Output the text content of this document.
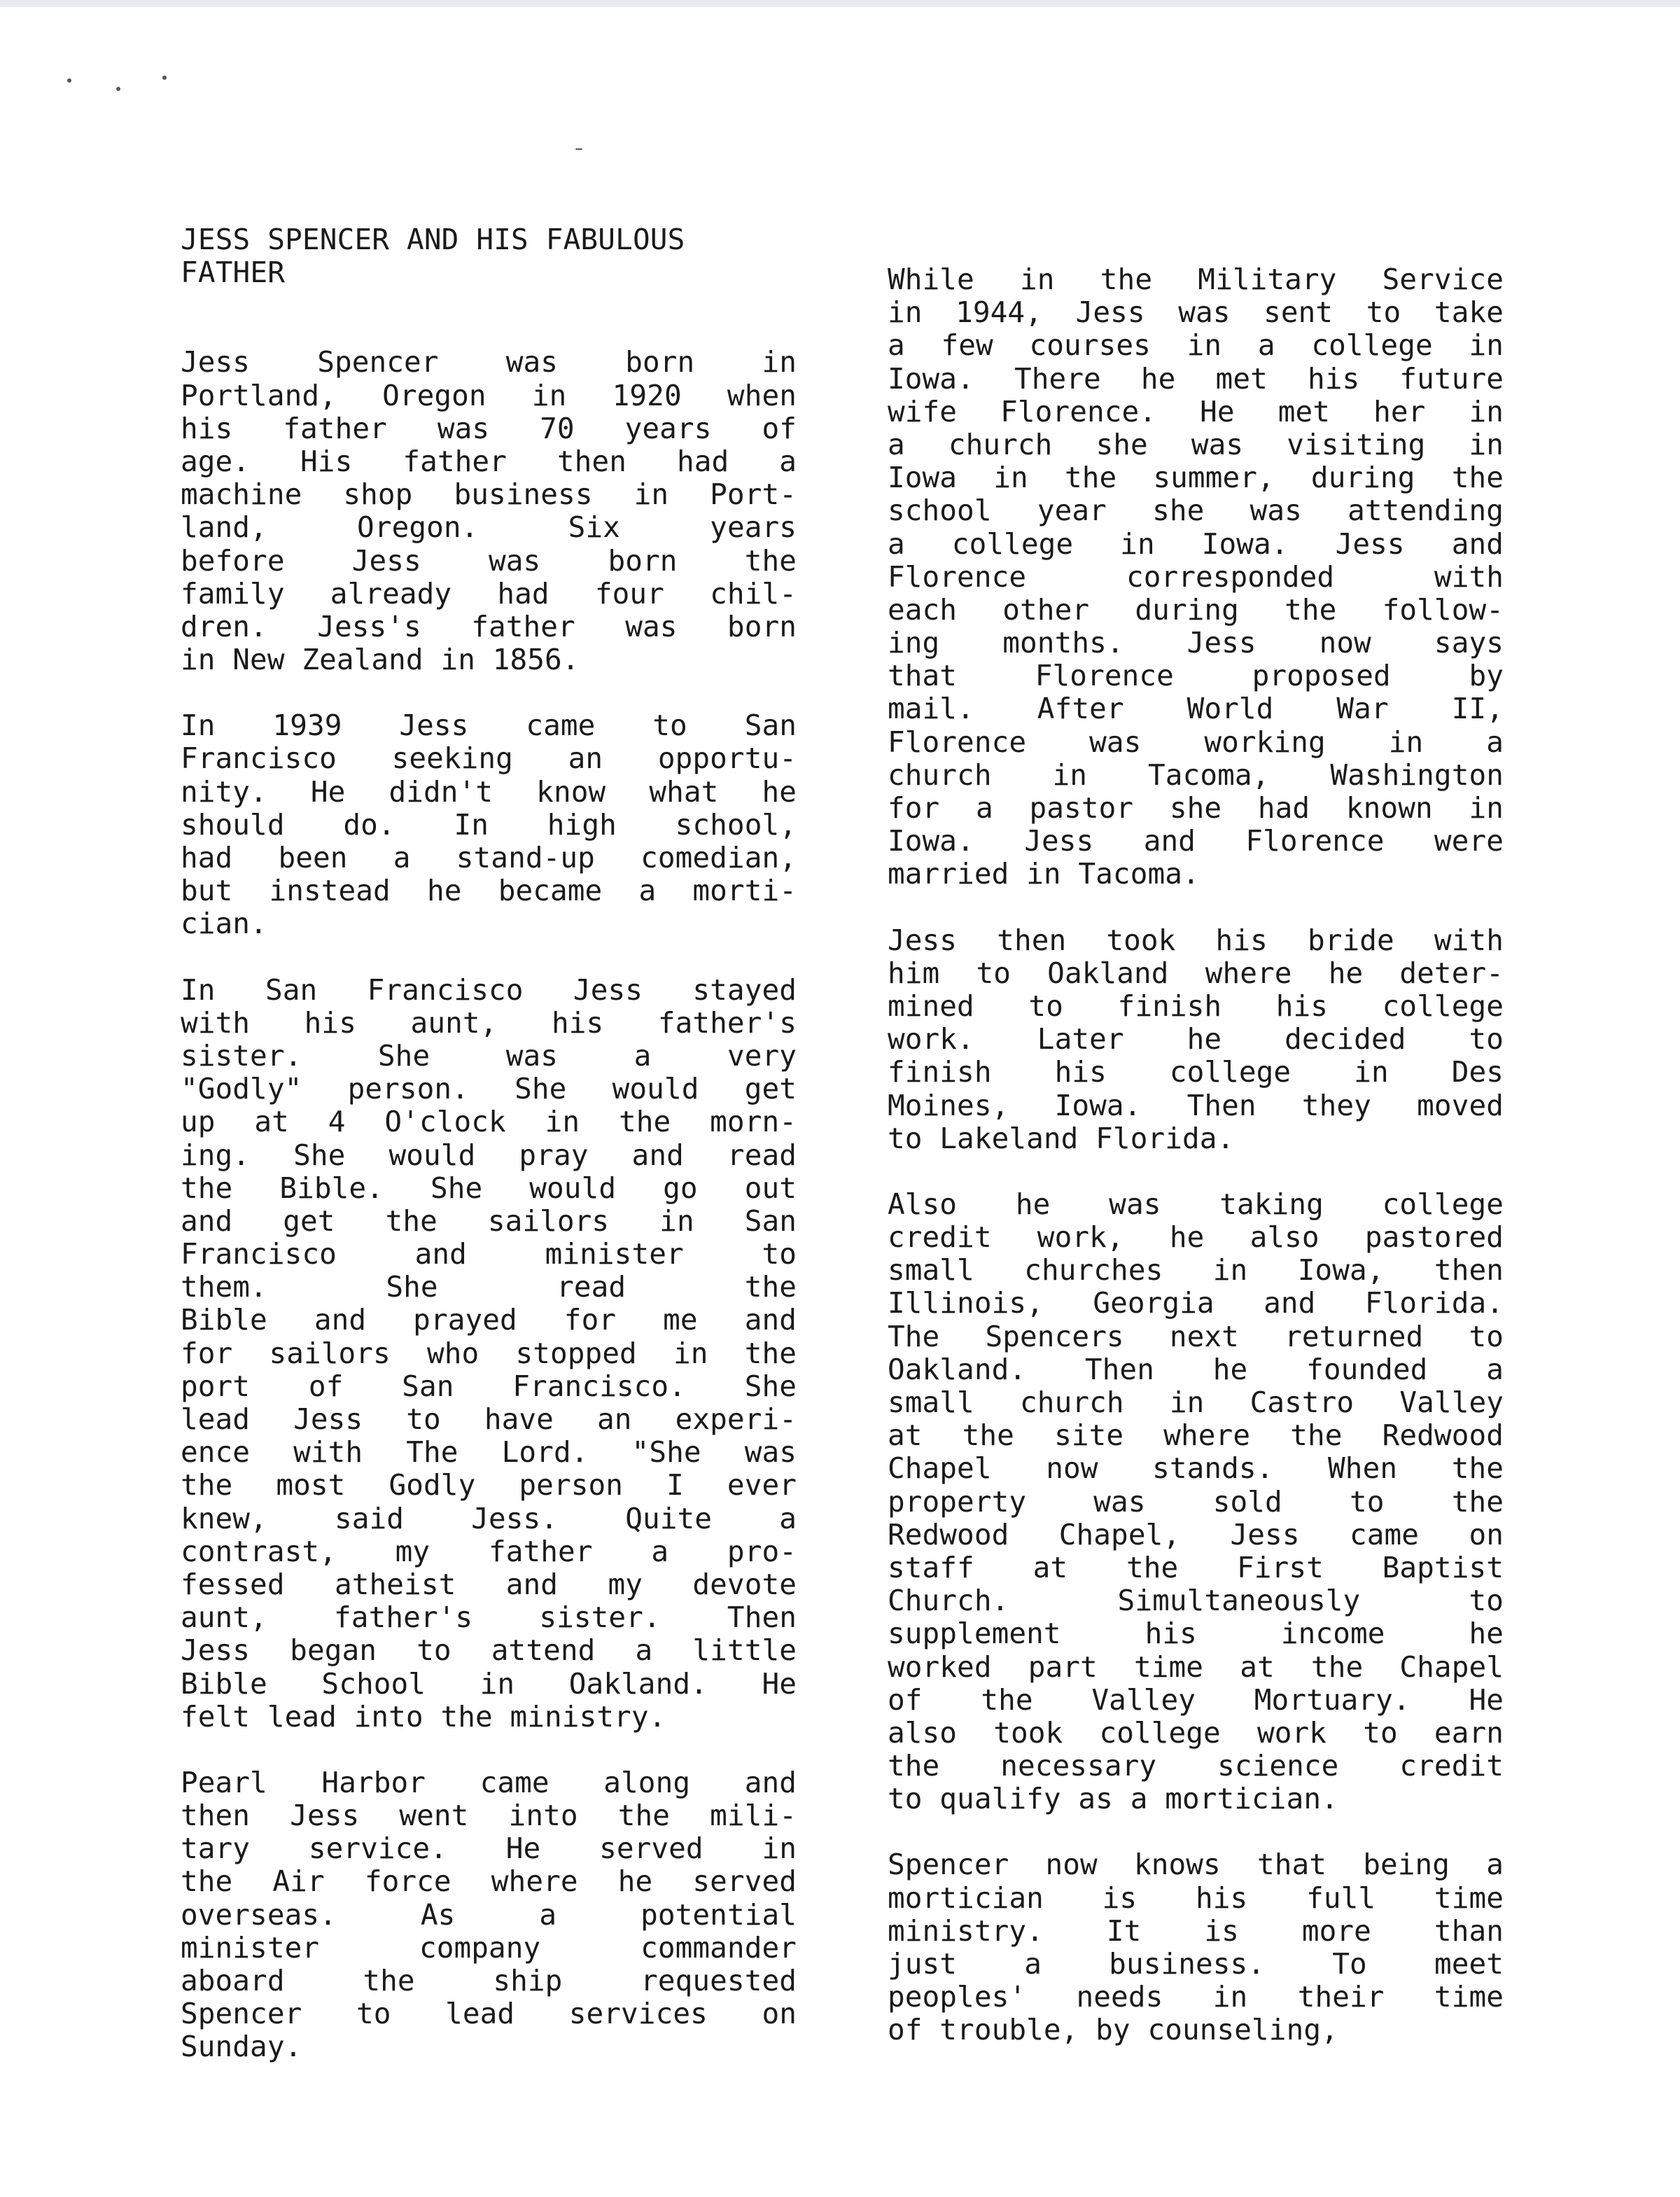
JESS SPENCER AND HIS FABULOUS
FATHER
Jess Spencer was born in
Portland, Oregon in 1920 when
his father was 70 years of
age. His father then had a
machine shop business in Port-
land, Oregon. Six years
before Jess was born the
family already had four chil-
dren. Jess's father was born
in New Zealand in 1856.
In 1939 Jess came to San
Francisco seeking an opportu-
nity. He didn't know what he
should do. In high school,
had been a stand-up comedian,
but instead he became a morti-
cian.
In San Francisco Jess stayed
with his aunt, his father's
sister. She was a very
"Godly" person. She would get
up at 4 O'clock in the morn-
ing. She would pray and read
the Bible. She would go out
and get the sailors in San
Francisco and minister to
them. She read the
Bible and prayed for me and
for sailors who stopped in the
port of San Francisco. She
lead Jess to have an experi-
ence with The Lord. "She was
the most Godly person I ever
knew, said Jess. Quite a
contrast, my father a pro-
fessed atheist and my devote
aunt, father's sister. Then
Jess began to attend a little
Bible School in Oakland. He
felt lead into the ministry.
Pearl Harbor came along and
then Jess went into the mili-
tary service. He served in
the Air force where he served
overseas. As a potential
minister company commander
aboard the ship requested
Spencer to lead services on
Sunday.
While in the Military Service
in 1944, Jess was sent to take
a few courses in a college in
Iowa. There he met his future
wife Florence. He met her in
a church she was visiting in
Iowa in the summer, during the
school year she was attending
a college in Iowa. Jess and
Florence corresponded with
each other during the follow-
ing months. Jess now says
that Florence proposed by
mail. After World War II,
Florence was working in a
church in Tacoma, Washington
for a pastor she had known in
Iowa. Jess and Florence were
married in Tacoma.
Jess then took his bride with
him to Oakland where he deter-
mined to finish his college
work. Later he decided to
finish his college in Des
Moines, Iowa. Then they moved
to Lakeland Florida.
Also he was taking college
credit work, he also pastored
small churches in Iowa, then
Illinois, Georgia and Florida.
The Spencers next returned to
Oakland. Then he founded a
small church in Castro Valley
at the site where the Redwood
Chapel now stands. When the
property was sold to the
Redwood Chapel, Jess came on
staff at the First Baptist
Church. Simultaneously to
supplement his income he
worked part time at the Chapel
of the Valley Mortuary. He
also took college work to earn
the necessary science credit
to qualify as a mortician.
Spencer now knows that being a
mortician is his full time
ministry. It is more than
just a business. To meet
peoples' needs in their time
of trouble, by counseling,
